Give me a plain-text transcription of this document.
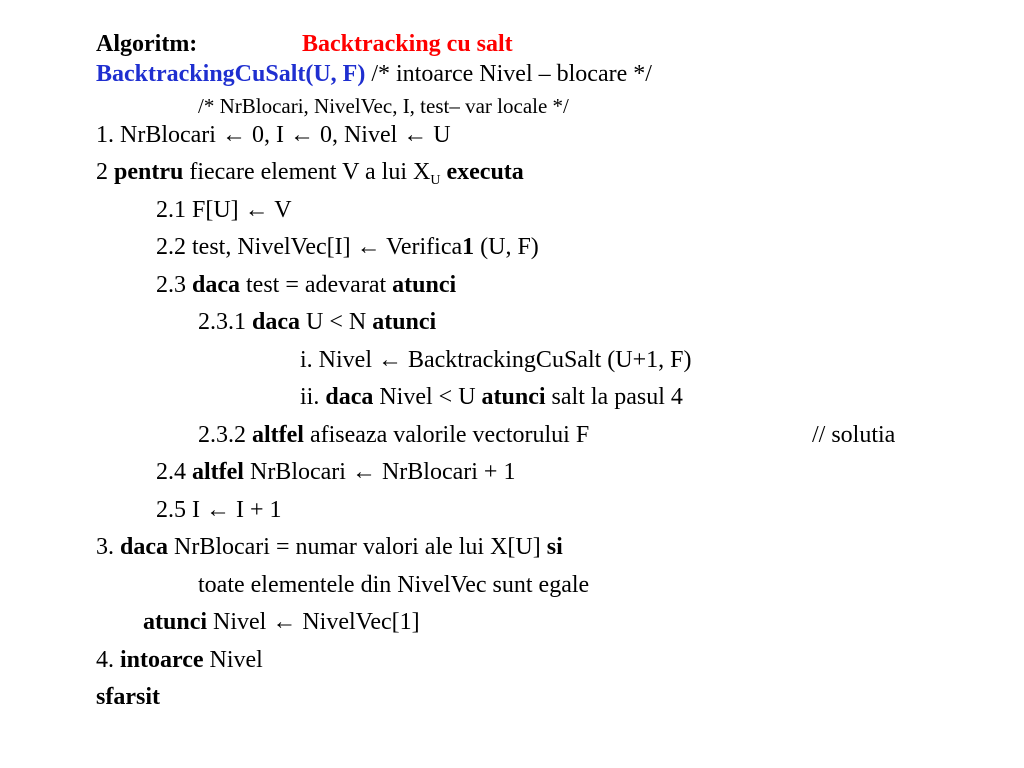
Algoritm:	Backtracking cu salt
BacktrackingCuSalt(U, F) /* intoarce Nivel – blocare */
/* NrBlocari, NivelVec, I, test– var locale */
1. NrBlocari ← 0, I ← 0, Nivel ← U
2 pentru fiecare element V a lui $X_U$ executa
2.1 F[U] ← V
2.2 test, NivelVec[I] ← Verifica1 (U, F)
2.3 daca test = adevarat atunci
2.3.1 daca U < N atunci
i. Nivel ← BacktrackingCuSalt (U+1, F)
ii. daca Nivel < U atunci salt la pasul 4
2.3.2 altfel afiseaza valorile vectorului F	// solutia
2.4 altfel NrBlocari ← NrBlocari + 1
2.5 I ← I + 1
3. daca NrBlocari = numar valori ale lui X[U] si
toate elementele din NivelVec sunt egale
atunci Nivel ← NivelVec[1]
4. intoarce Nivel
sfarsit
